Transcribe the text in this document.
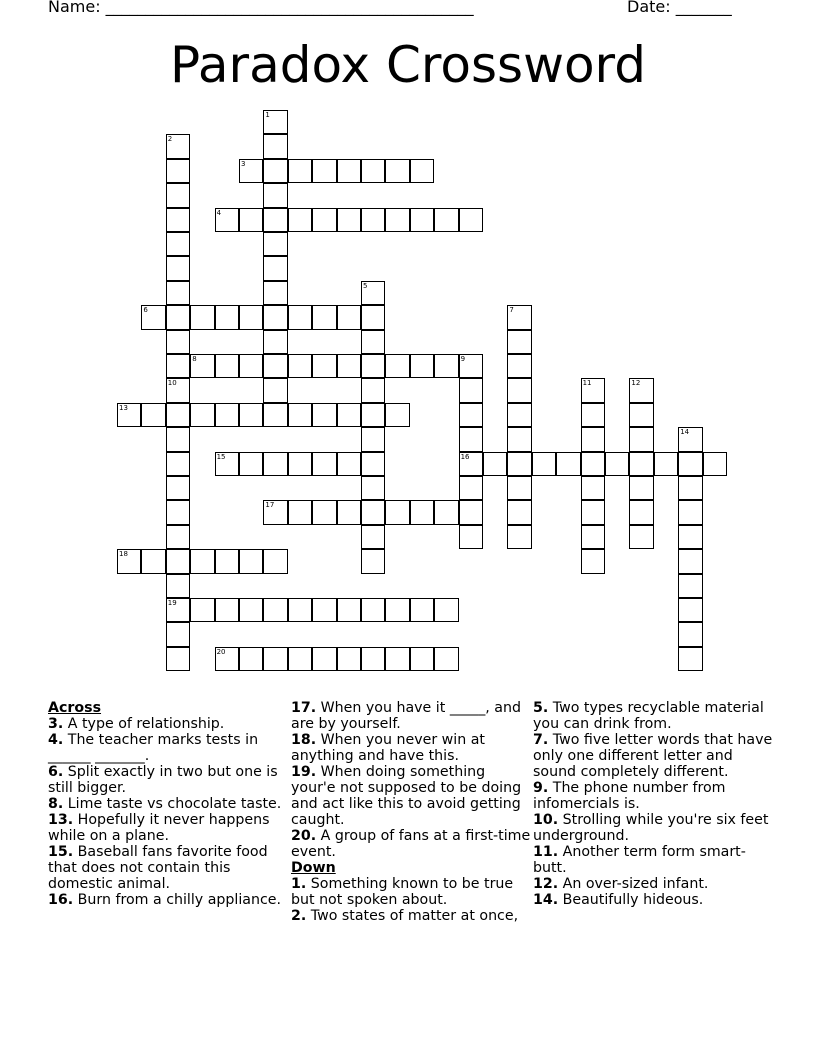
Name: ______________________________________________	Date: _______
Paradox Crossword
1
2
3
4
5
6	7
8	9
10	11	12
13
14
15	16
17
18
19
20
Across
3. A type of relationship.
4. The teacher marks tests in ______ _______.
6. Split exactly in two but one is still bigger.
8. Lime taste vs chocolate taste.
13. Hopefully it never happens while on a plane.
15. Baseball fans favorite food that does not contain this domestic animal.
16. Burn from a chilly appliance.
17. When you have it _____, and are by yourself.
18. When you never win at anything and have this.
19. When doing something your'e not supposed to be doing and act like this to avoid getting caught.
20. A group of fans at a first-time event.
Down
1. Something known to be true but not spoken about.
2. Two states of matter at once,
5. Two types recyclable material you can drink from.
7. Two five letter words that have only one different letter and sound completely different.
9. The phone number from infomercials is.
10. Strolling while you're six feet underground.
11. Another term form smart-butt.
12. An over-sized infant.
14. Beautifully hideous.
